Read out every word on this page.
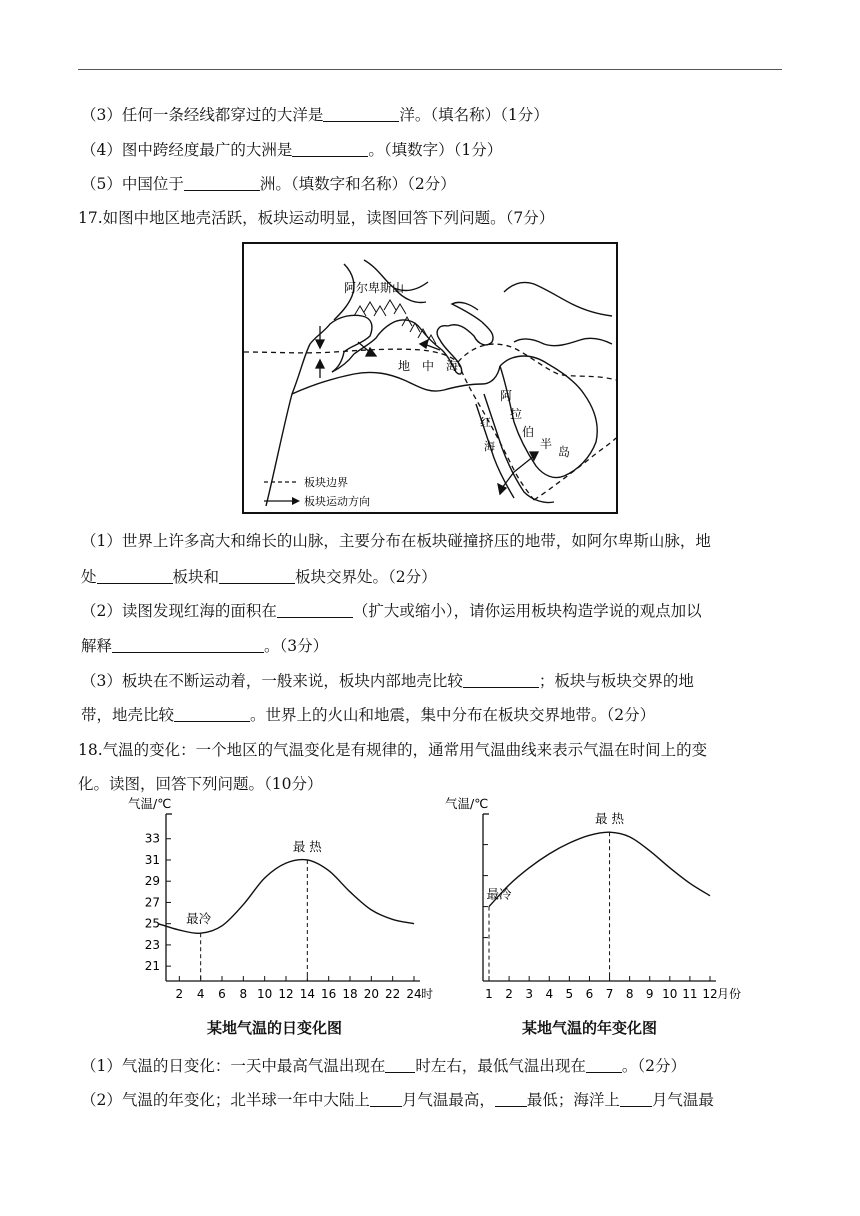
（3）任何一条经线都穿过的大洋是	洋。（填名称）（1分）
（4）图中跨经度最广的大洲是	。（填数字）（1分）
（5）中国位于	洲。（填数字和名称）（2分）
17.如图中地区地壳活跃，板块运动明显，读图回答下列问题。（7分）
阿尔卑斯山
地 中 海
阿
拉
伯
半
岛
红
海
板块边界
板块运动方向
（1）世界上许多高大和绵长的山脉，主要分布在板块碰撞挤压的地带，如阿尔卑斯山脉，地
处	板块和	板块交界处。（2分）
（2）读图发现红海的面积在	（扩大或缩小），请你运用板块构造学说的观点加以
解释	。（3分）
（3）板块在不断运动着，一般来说，板块内部地壳比较	；板块与板块交界的地
带，地壳比较	。世界上的火山和地震，集中分布在板块交界地带。（2分）
18.气温的变化：一个地区的气温变化是有规律的，通常用气温曲线来表示气温在时间上的变
化。读图，回答下列问题。（10分）
气温/℃
21
23
25
27
29
31
33
2 4 6 8 10 12 14 16 18 20 22 24 时
最冷
最 热
某地气温的日变化图
气温/℃
1 2 3 4 5 6 7 8 9 10 11 12 月份
最冷
最 热
某地气温的年变化图
（1）气温的日变化：一天中最高气温出现在 时左右，最低气温出现在 。（2分）
（2）气温的年变化；北半球一年中大陆上 月气温最高， 最低；海洋上 月气温最
